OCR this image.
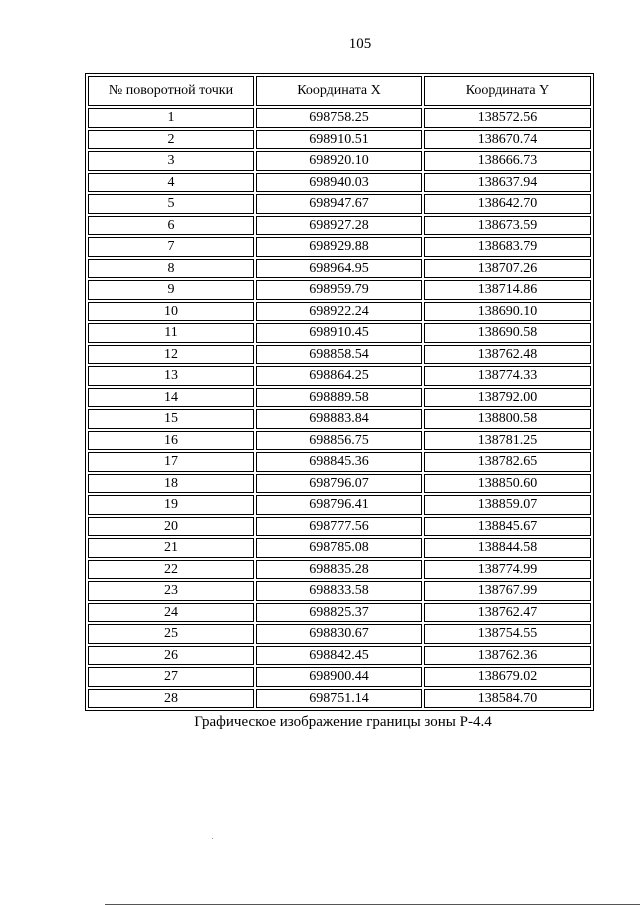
105
№ поворотной точки	Координата X	Координата Y
1	698758.25	138572.56
2	698910.51	138670.74
3	698920.10	138666.73
4	698940.03	138637.94
5	698947.67	138642.70
6	698927.28	138673.59
7	698929.88	138683.79
8	698964.95	138707.26
9	698959.79	138714.86
10	698922.24	138690.10
11	698910.45	138690.58
12	698858.54	138762.48
13	698864.25	138774.33
14	698889.58	138792.00
15	698883.84	138800.58
16	698856.75	138781.25
17	698845.36	138782.65
18	698796.07	138850.60
19	698796.41	138859.07
20	698777.56	138845.67
21	698785.08	138844.58
22	698835.28	138774.99
23	698833.58	138767.99
24	698825.37	138762.47
25	698830.67	138754.55
26	698842.45	138762.36
27	698900.44	138679.02
28	698751.14	138584.70
Графическое изображение границы зоны Р-4.4
